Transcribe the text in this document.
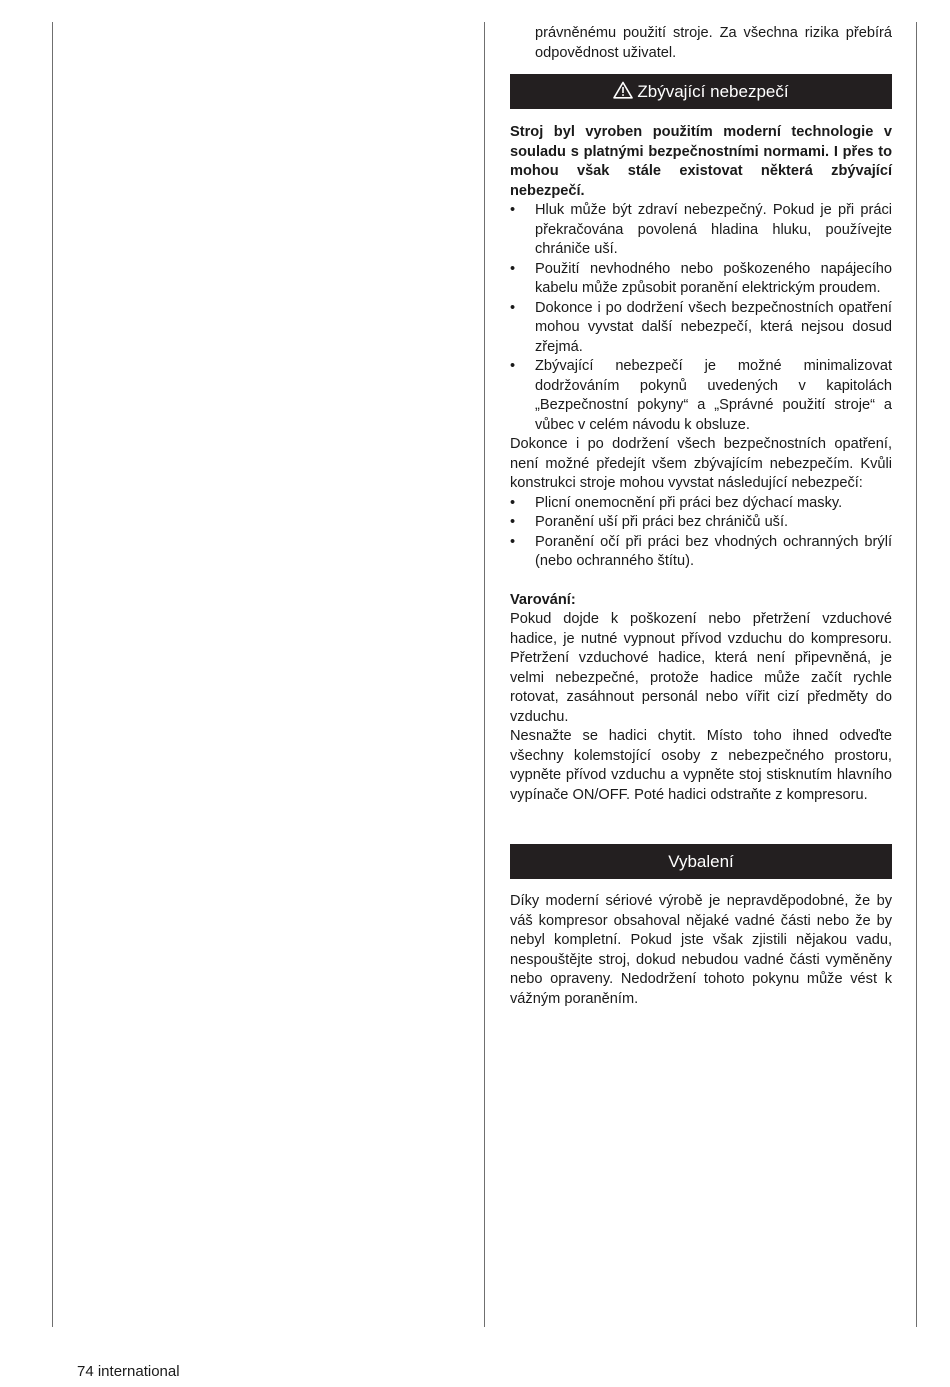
právněnému použití stroje. Za všechna rizika přebírá odpovědnost uživatel.

Zbývající nebezpečí

Stroj byl vyroben použitím moderní technologie v souladu s platnými bezpečnostními normami. I přes to mohou však stále existovat některá zbývající nebezpečí.

• Hluk může být zdraví nebezpečný. Pokud je při práci překračována povolená hladina hluku, používejte chrániče uší.
• Použití nevhodného nebo poškozeného napájecího kabelu může způsobit poranění elektrickým proudem.
• Dokonce i po dodržení všech bezpečnostních opatření mohou vyvstat další nebezpečí, která nejsou dosud zřejmá.
• Zbývající nebezpečí je možné minimalizovat dodržováním pokynů uvedených v kapitolách „Bezpečnostní pokyny“ a „Správné použití stroje“ a vůbec v celém návodu k obsluze.

Dokonce i po dodržení všech bezpečnostních opatření, není možné předejít všem zbývajícím nebezpečím. Kvůli konstrukci stroje mohou vyvstat následující nebezpečí:

• Plicní onemocnění při práci bez dýchací masky.
• Poranění uší při práci bez chráničů uší.
• Poranění očí při práci bez vhodných ochranných brýlí (nebo ochranného štítu).

Varování:

Pokud dojde k poškození nebo přetržení vzduchové hadice, je nutné vypnout přívod vzduchu do kompresoru. Přetržení vzduchové hadice, která není připevněná, je velmi nebezpečné, protože hadice může začít rychle rotovat, zasáhnout personál nebo vířit cizí předměty do vzduchu.

Nesnažte se hadici chytit. Místo toho ihned odveďte všechny kolemstojící osoby z nebezpečného prostoru, vypněte přívod vzduchu a vypněte stoj stisknutím hlavního vypínače ON/OFF. Poté hadici odstraňte z kompresoru.

Vybalení

Díky moderní sériové výrobě je nepravděpodobné, že by váš kompresor obsahoval nějaké vadné části nebo že by nebyl kompletní. Pokud jste však zjistili nějakou vadu, nespouštějte stroj, dokud nebudou vadné části vyměněny nebo opraveny. Nedodržení tohoto pokynu může vést k vážným poraněním.

74 international
